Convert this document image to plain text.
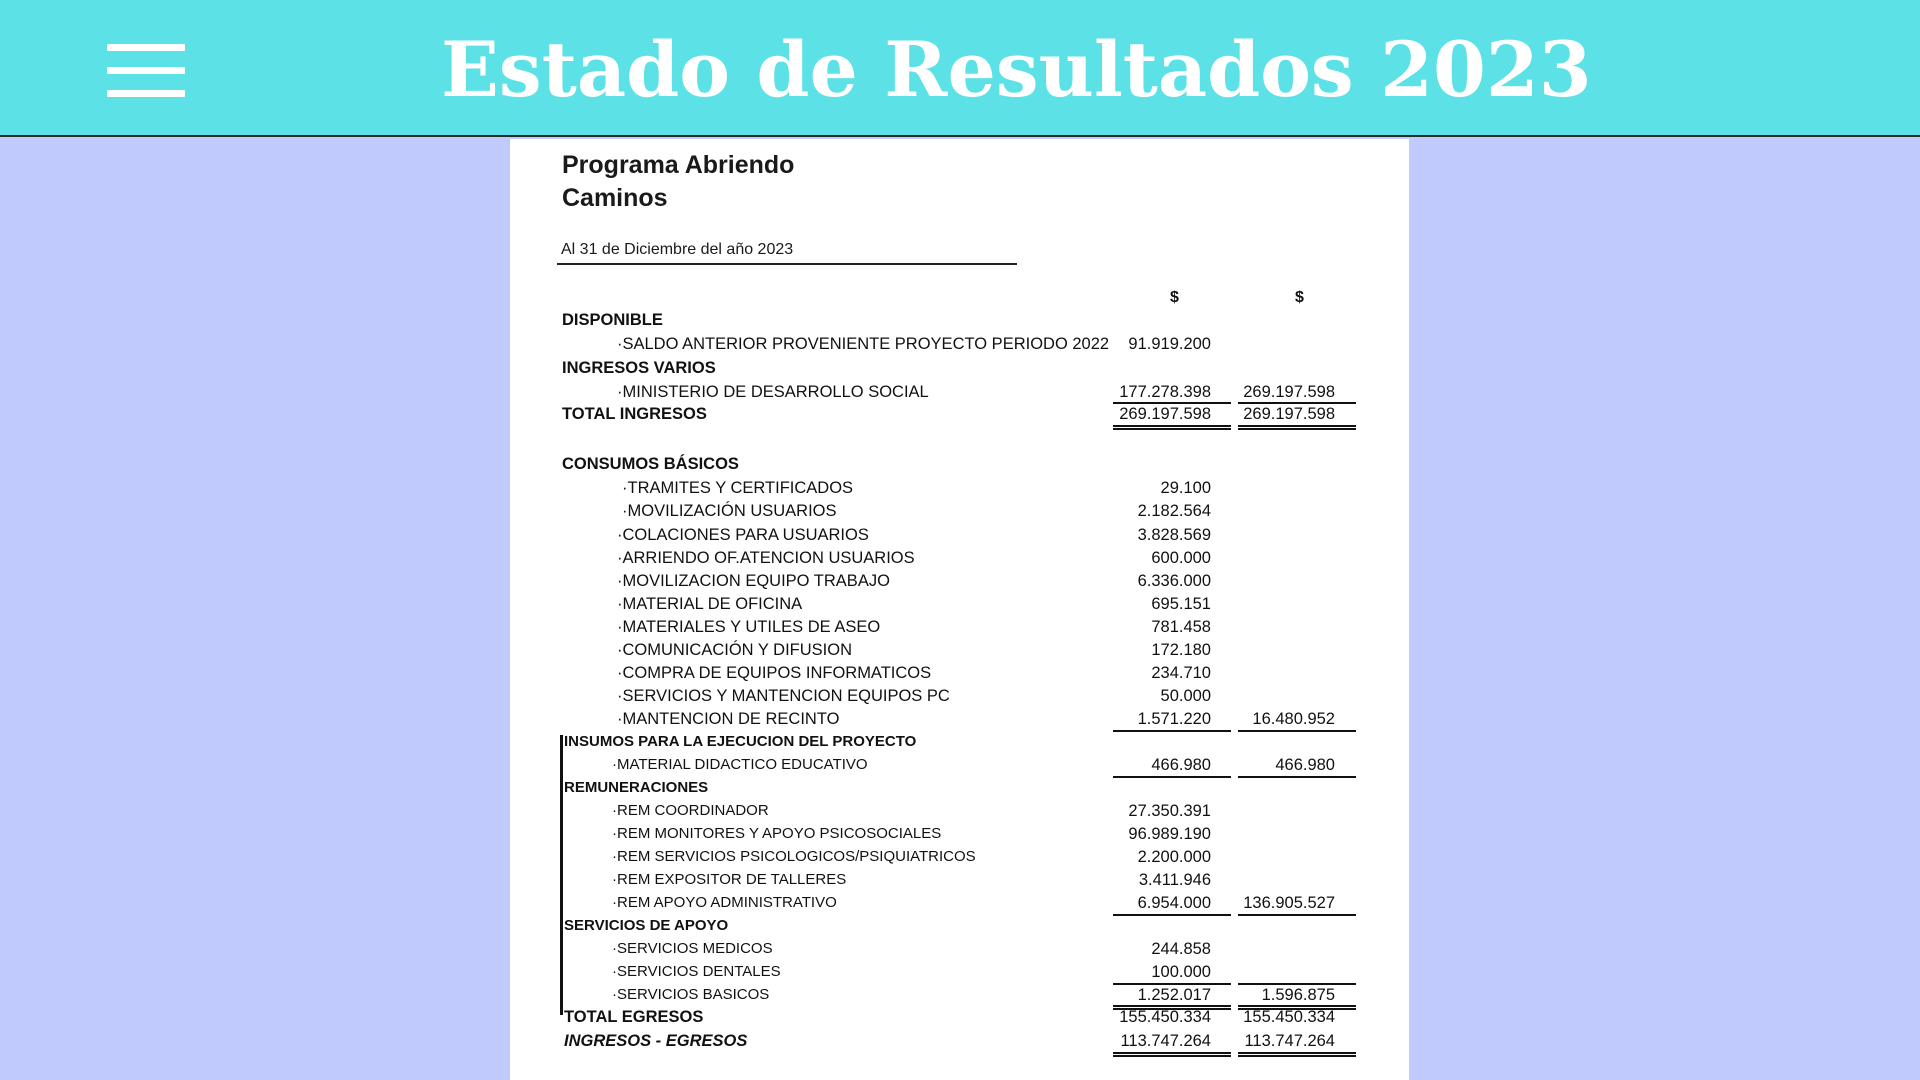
Estado de Resultados 2023
Programa Abriendo
Caminos
Al 31 de Diciembre del año 2023
$	$
DISPONIBLE
·SALDO ANTERIOR PROVENIENTE PROYECTO PERIODO 2022 91.919.200
INGRESOS VARIOS
·MINISTERIO DE DESARROLLO SOCIAL	177.278.398 269.197.598
TOTAL INGRESOS	269.197.598 269.197.598
CONSUMOS BÁSICOS
·TRAMITES Y CERTIFICADOS	29.100
·MOVILIZACIÓN USUARIOS	2.182.564
·COLACIONES PARA USUARIOS	3.828.569
·ARRIENDO OF.ATENCION USUARIOS	600.000
·MOVILIZACION EQUIPO TRABAJO	6.336.000
·MATERIAL DE OFICINA	695.151
·MATERIALES Y UTILES DE ASEO	781.458
·COMUNICACIÓN Y DIFUSION	172.180
·COMPRA DE EQUIPOS INFORMATICOS	234.710
·SERVICIOS Y MANTENCION EQUIPOS PC	50.000
·MANTENCION DE RECINTO	1.571.220	16.480.952
INSUMOS PARA LA EJECUCION DEL PROYECTO
·MATERIAL DIDACTICO EDUCATIVO	466.980	466.980
REMUNERACIONES
·REM COORDINADOR	27.350.391
·REM MONITORES Y APOYO PSICOSOCIALES	96.989.190
·REM SERVICIOS PSICOLOGICOS/PSIQUIATRICOS	2.200.000
·REM EXPOSITOR DE TALLERES	3.411.946
·REM APOYO ADMINISTRATIVO	6.954.000 136.905.527
SERVICIOS DE APOYO
·SERVICIOS MEDICOS	244.858
·SERVICIOS DENTALES	100.000
·SERVICIOS BASICOS	1.252.017	1.596.875
TOTAL EGRESOS	155.450.334 155.450.334
INGRESOS - EGRESOS	113.747.264 113.747.264
